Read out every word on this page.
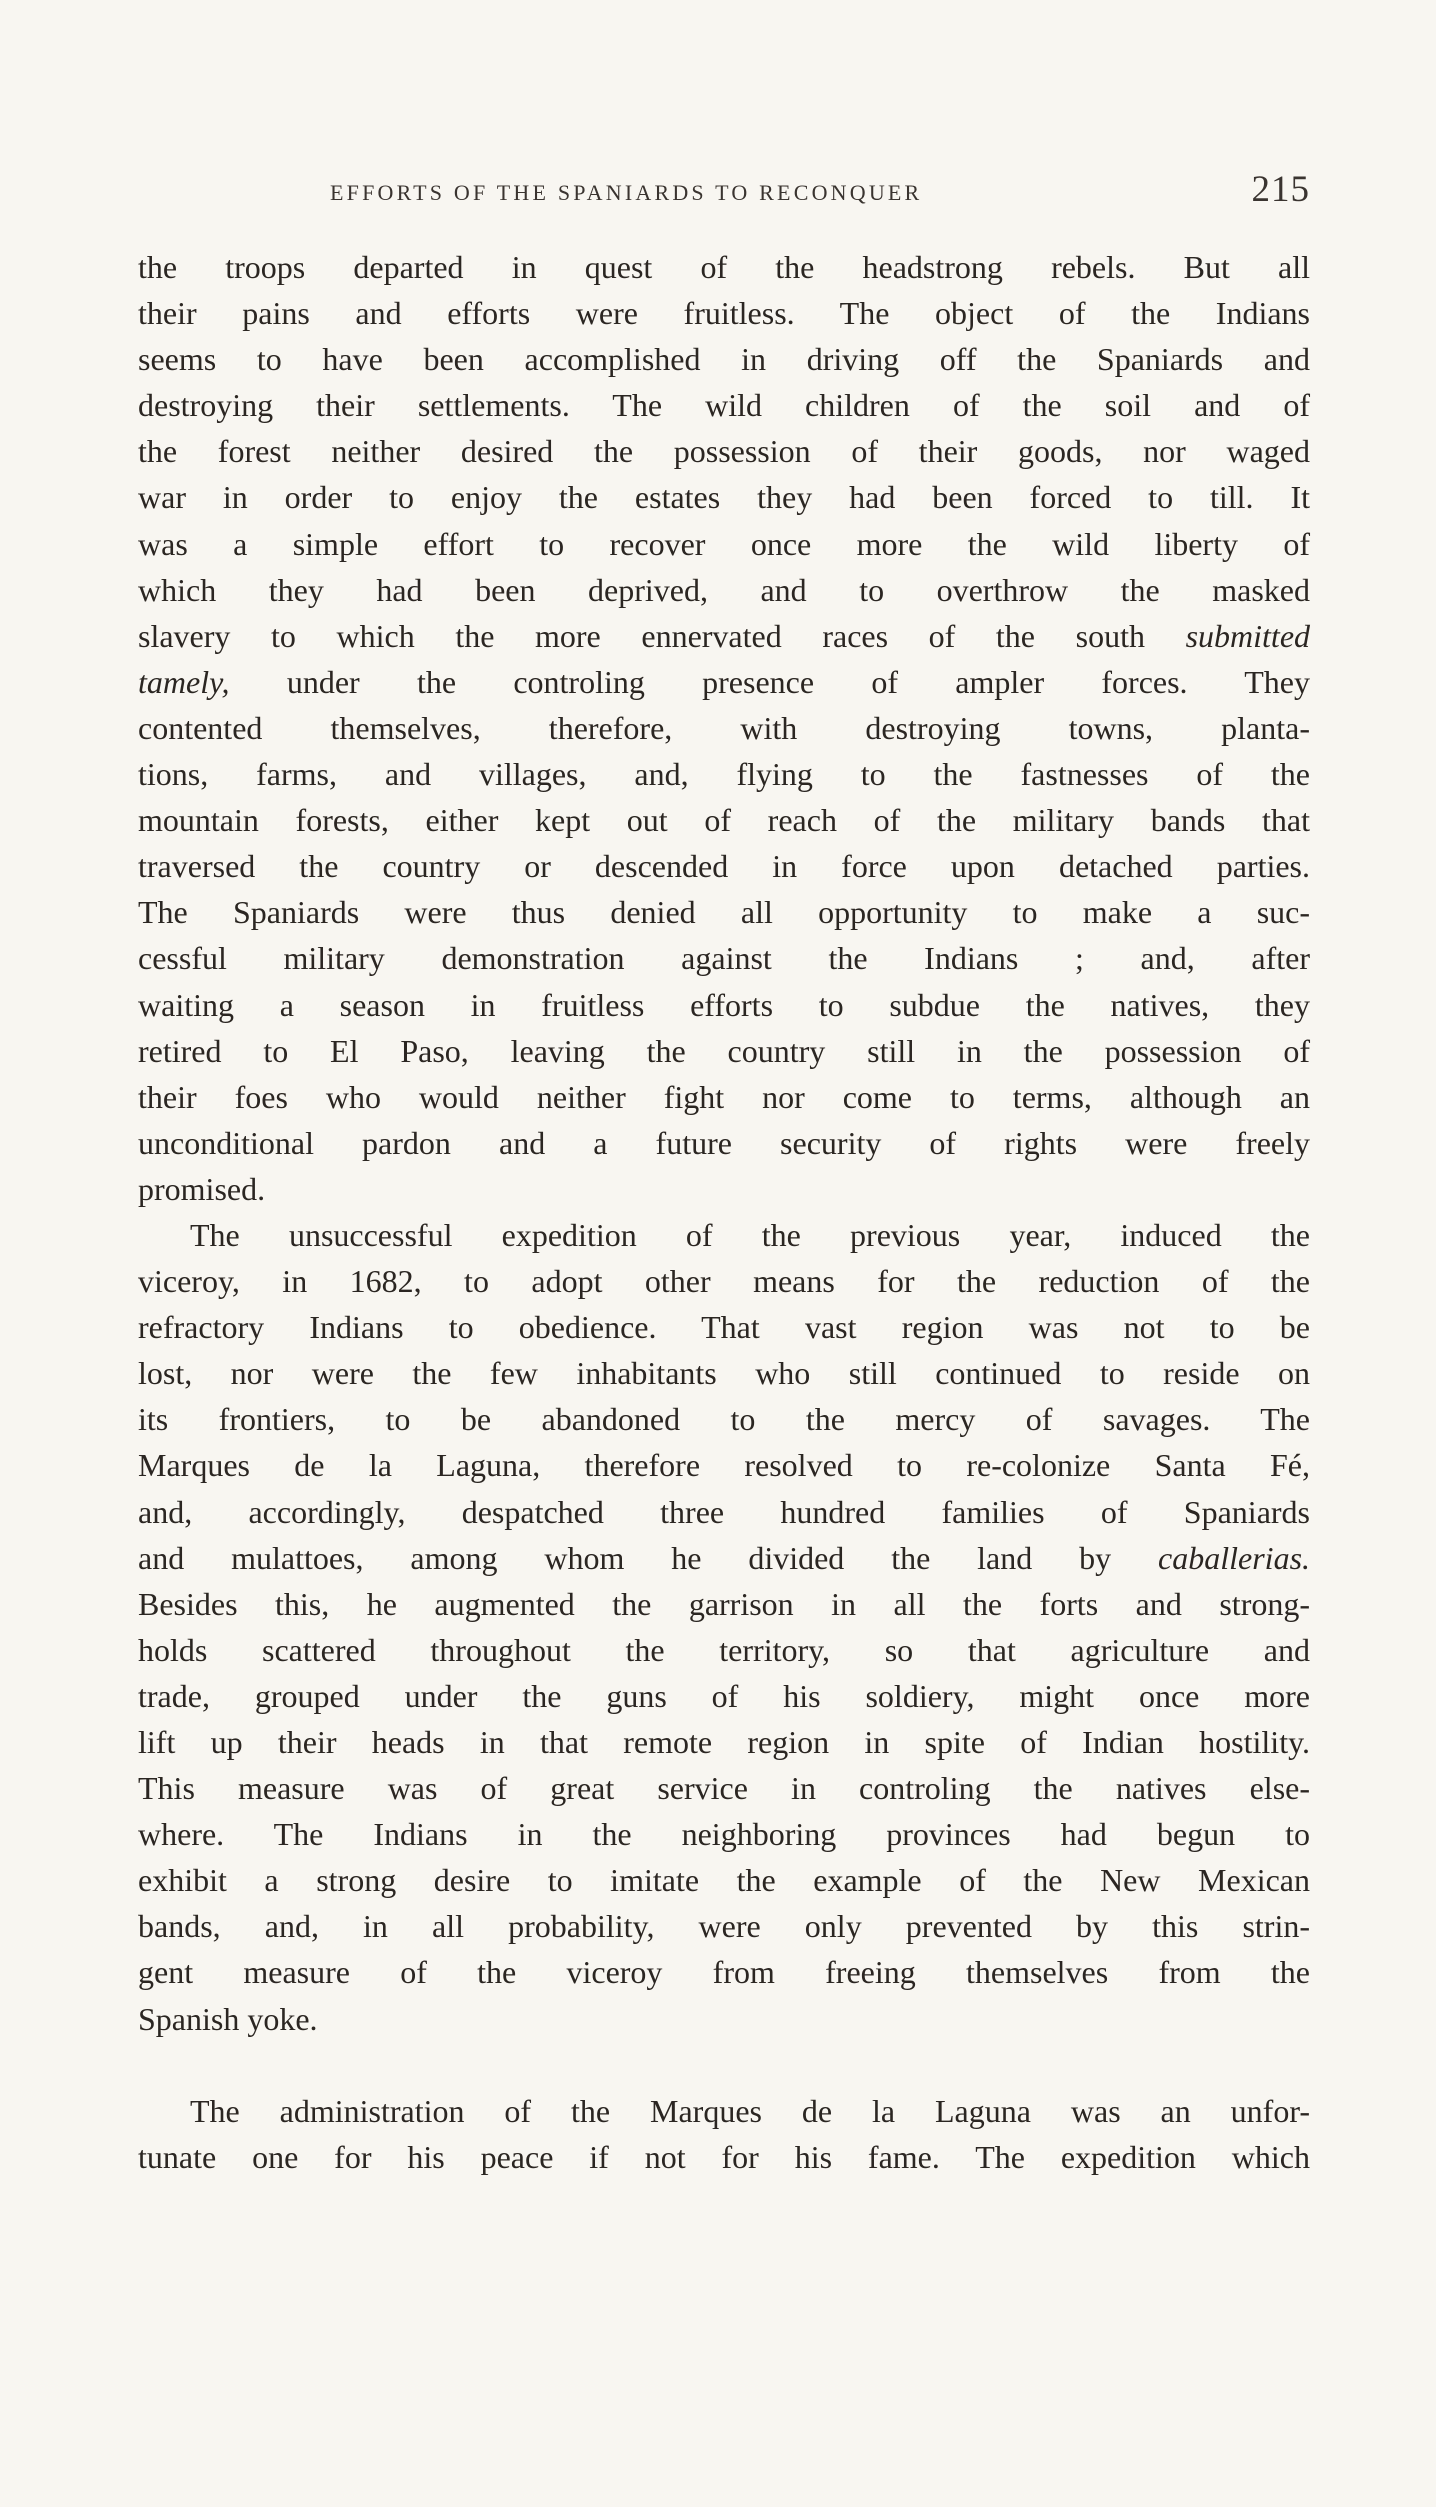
EFFORTS OF THE SPANIARDS TO RECONQUER	215
the troops departed in quest of the headstrong rebels. But all
their pains and efforts were fruitless. The object of the Indians
seems to have been accomplished in driving off the Spaniards and
destroying their settlements. The wild children of the soil and of
the forest neither desired the possession of their goods, nor waged
war in order to enjoy the estates they had been forced to till. It
was a simple effort to recover once more the wild liberty of
which they had been deprived, and to overthrow the masked
slavery to which the more ennervated races of the south submitted
tamely, under the controling presence of ampler forces. They
contented themselves, therefore, with destroying towns, planta-
tions, farms, and villages, and, flying to the fastnesses of the
mountain forests, either kept out of reach of the military bands that
traversed the country or descended in force upon detached parties.
The Spaniards were thus denied all opportunity to make a suc-
cessful military demonstration against the Indians ; and, after
waiting a season in fruitless efforts to subdue the natives, they
retired to El Paso, leaving the country still in the possession of
their foes who would neither fight nor come to terms, although an
unconditional pardon and a future security of rights were freely
promised.
The unsuccessful expedition of the previous year, induced the
viceroy, in 1682, to adopt other means for the reduction of the
refractory Indians to obedience. That vast region was not to be
lost, nor were the few inhabitants who still continued to reside on
its frontiers, to be abandoned to the mercy of savages. The
Marques de la Laguna, therefore resolved to re-colonize Santa Fé,
and, accordingly, despatched three hundred families of Spaniards
and mulattoes, among whom he divided the land by caballerias.
Besides this, he augmented the garrison in all the forts and strong-
holds scattered throughout the territory, so that agriculture and
trade, grouped under the guns of his soldiery, might once more
lift up their heads in that remote region in spite of Indian hostility.
This measure was of great service in controling the natives else-
where. The Indians in the neighboring provinces had begun to
exhibit a strong desire to imitate the example of the New Mexican
bands, and, in all probability, were only prevented by this strin-
gent measure of the viceroy from freeing themselves from the
Spanish yoke.
The administration of the Marques de la Laguna was an unfor-
tunate one for his peace if not for his fame. The expedition which
